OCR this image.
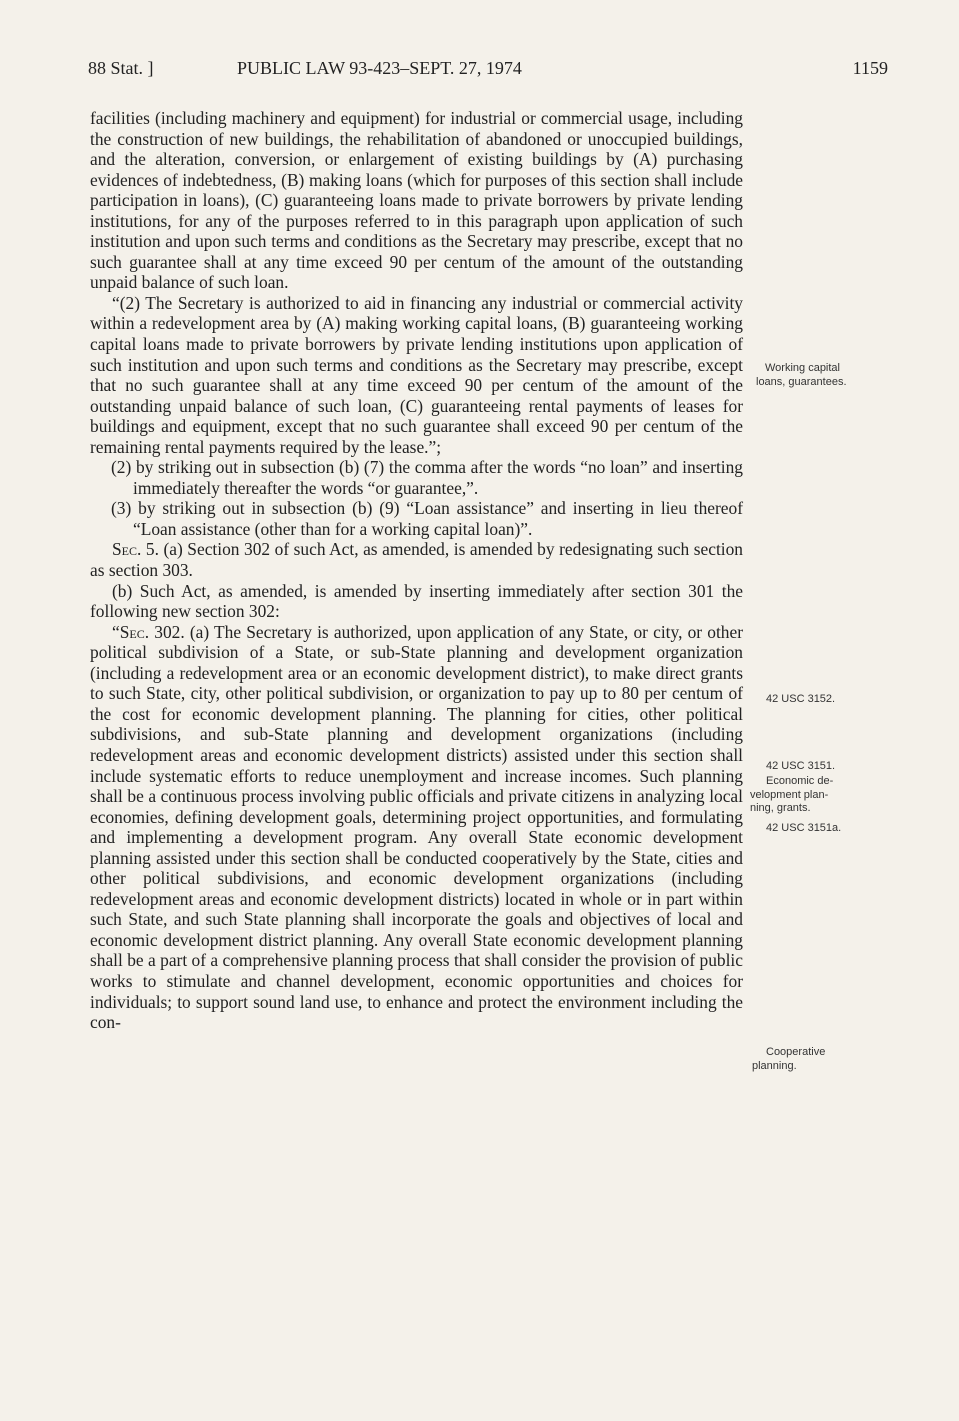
88 Stat. ]	PUBLIC LAW 93-423–SEPT. 27, 1974	1159

facilities (including machinery and equipment) for industrial or commercial usage, including the construction of new buildings, the rehabilitation of abandoned or unoccupied buildings, and the alteration, conversion, or enlargement of existing buildings by (A) purchasing evidences of indebtedness, (B) making loans (which for purposes of this section shall include participation in loans), (C) guaranteeing loans made to private borrowers by private lending institutions, for any of the purposes referred to in this paragraph upon application of such institution and upon such terms and conditions as the Secretary may prescribe, except that no such guarantee shall at any time exceed 90 per centum of the amount of the outstanding unpaid balance of such loan.

“(2) The Secretary is authorized to aid in financing any industrial or commercial activity within a redevelopment area by (A) making working capital loans, (B) guaranteeing working capital loans made to private borrowers by private lending institutions upon application of such institution and upon such terms and conditions as the Secretary may prescribe, except that no such guarantee shall at any time exceed 90 per centum of the amount of the outstanding unpaid balance of such loan, (C) guaranteeing rental payments of leases for buildings and equipment, except that no such guarantee shall exceed 90 per centum of the remaining rental payments required by the lease.”;

(2) by striking out in subsection (b) (7) the comma after the words “no loan” and inserting immediately thereafter the words “or guarantee,”.

(3) by striking out in subsection (b) (9) “Loan assistance” and inserting in lieu thereof “Loan assistance (other than for a working capital loan)”.

Sec. 5. (a) Section 302 of such Act, as amended, is amended by redesignating such section as section 303.

(b) Such Act, as amended, is amended by inserting immediately after section 301 the following new section 302:

“Sec. 302. (a) The Secretary is authorized, upon application of any State, or city, or other political subdivision of a State, or sub-State planning and development organization (including a redevelopment area or an economic development district), to make direct grants to such State, city, other political subdivision, or organization to pay up to 80 per centum of the cost for economic development planning. The planning for cities, other political subdivisions, and sub-State planning and development organizations (including redevelopment areas and economic development districts) assisted under this section shall include systematic efforts to reduce unemployment and increase incomes. Such planning shall be a continuous process involving public officials and private citizens in analyzing local economies, defining development goals, determining project opportunities, and formulating and implementing a development program. Any overall State economic development planning assisted under this section shall be conducted cooperatively by the State, cities and other political subdivisions, and economic development organizations (including redevelopment areas and economic development districts) located in whole or in part within such State, and such State planning shall incorporate the goals and objectives of local and economic development district planning. Any overall State economic development planning shall be a part of a comprehensive planning process that shall consider the provision of public works to stimulate and channel development, economic opportunities and choices for individuals; to support sound land use, to enhance and protect the environment including the con-

Working capital
loans, guarantees.
42 USC 3152.
42 USC 3151.
Economic de-
velopment plan-
ning, grants.
42 USC 3151a.
Cooperative
planning.
